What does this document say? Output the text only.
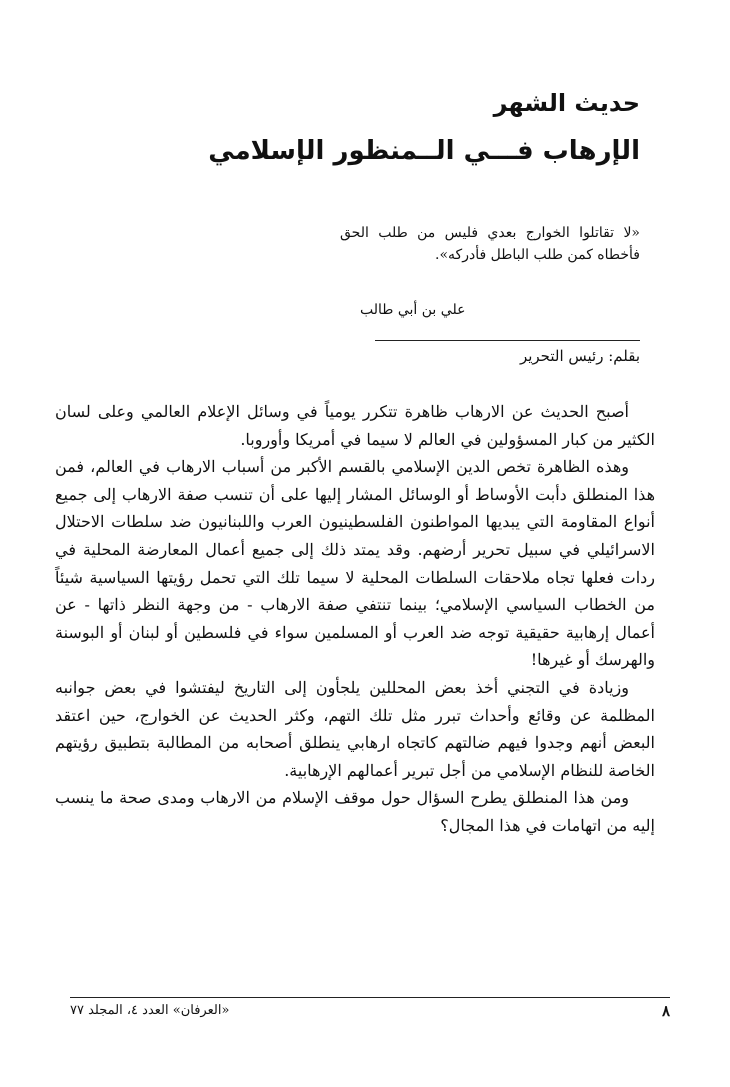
حديث الشهر
الإرهاب فـــي الــمنظور الإسلامي

«لا تقاتلوا الخوارج بعدي فليس من طلب الحق فأخطاه كمن طلب الباطل فأدركه».

علي بن أبي طالب

بقلم: رئيس التحرير

أصبح الحديث عن الارهاب ظاهرة تتكرر يومياً في وسائل الإعلام العالمي وعلى لسان الكثير من كبار المسؤولين في العالم لا سيما في أمريكا وأوروبا.

وهذه الظاهرة تخص الدين الإسلامي بالقسم الأكبر من أسباب الارهاب في العالم، فمن هذا المنطلق دأبت الأوساط أو الوسائل المشار إليها على أن تنسب صفة الارهاب إلى جميع أنواع المقاومة التي يبديها المواطنون الفلسطينيون العرب واللبنانيون ضد سلطات الاحتلال الاسرائيلي في سبيل تحرير أرضهم. وقد يمتد ذلك إلى جميع أعمال المعارضة المحلية في ردات فعلها تجاه ملاحقات السلطات المحلية لا سيما تلك التي تحمل رؤيتها السياسية شيئاً من الخطاب السياسي الإسلامي؛ بينما تنتفي صفة الارهاب - من وجهة النظر ذاتها - عن أعمال إرهابية حقيقية توجه ضد العرب أو المسلمين سواء في فلسطين أو لبنان أو البوسنة والهرسك أو غيرها!

وزيادة في التجني أخذ بعض المحللين يلجأون إلى التاريخ ليفتشوا في بعض جوانبه المظلمة عن وقائع وأحداث تبرر مثل تلك التهم، وكثر الحديث عن الخوارج، حين اعتقد البعض أنهم وجدوا فيهم ضالتهم كاتجاه ارهابي ينطلق أصحابه من المطالبة بتطبيق رؤيتهم الخاصة للنظام الإسلامي من أجل تبرير أعمالهم الإرهابية.

ومن هذا المنطلق يطرح السؤال حول موقف الإسلام من الارهاب ومدى صحة ما ينسب إليه من اتهامات في هذا المجال؟

٨
«العرفان» العدد ٤، المجلد ٧٧
